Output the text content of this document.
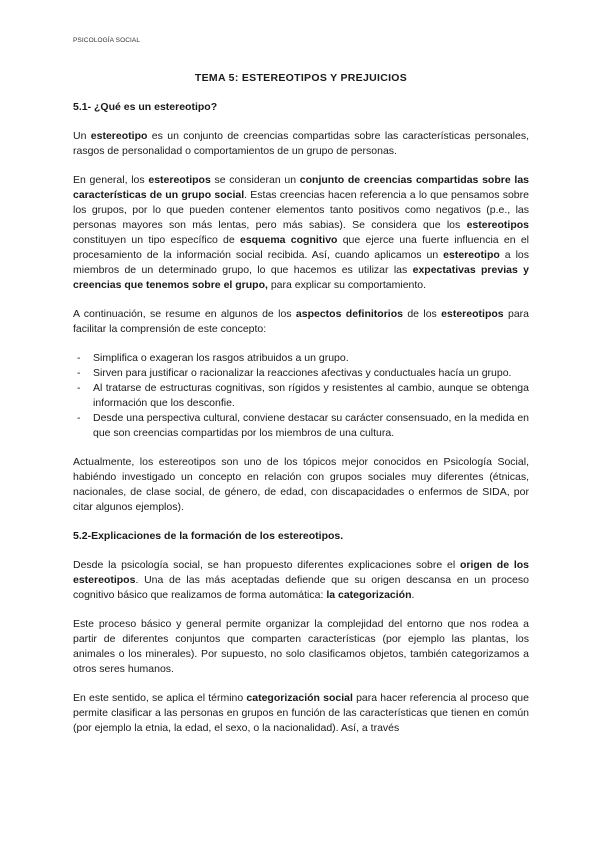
PSICOLOGÍA SOCIAL
TEMA 5: ESTEREOTIPOS Y PREJUICIOS
5.1- ¿Qué es un estereotipo?

Un estereotipo es un conjunto de creencias compartidas sobre las características personales, rasgos de personalidad o comportamientos de un grupo de personas.

En general, los estereotipos se consideran un conjunto de creencias compartidas sobre las características de un grupo social. Estas creencias hacen referencia a lo que pensamos sobre los grupos, por lo que pueden contener elementos tanto positivos como negativos (p.e., las personas mayores son más lentas, pero más sabias). Se considera que los estereotipos constituyen un tipo específico de esquema cognitivo que ejerce una fuerte influencia en el procesamiento de la información social recibida. Así, cuando aplicamos un estereotipo a los miembros de un determinado grupo, lo que hacemos es utilizar las expectativas previas y creencias que tenemos sobre el grupo, para explicar su comportamiento.

A continuación, se resume en algunos de los aspectos definitorios de los estereotipos para facilitar la comprensión de este concepto:

- Simplifica o exageran los rasgos atribuidos a un grupo.
- Sirven para justificar o racionalizar la reacciones afectivas y conductuales hacía un grupo.
- Al tratarse de estructuras cognitivas, son rígidos y resistentes al cambio, aunque se obtenga información que los desconfie.
- Desde una perspectiva cultural, conviene destacar su carácter consensuado, en la medida en que son creencias compartidas por los miembros de una cultura.

Actualmente, los estereotipos son uno de los tópicos mejor conocidos en Psicología Social, habiéndo investigado un concepto en relación con grupos sociales muy diferentes (étnicas, nacionales, de clase social, de género, de edad, con discapacidades o enfermos de SIDA, por citar algunos ejemplos).

5.2-Explicaciones de la formación de los estereotipos.

Desde la psicología social, se han propuesto diferentes explicaciones sobre el origen de los estereotipos. Una de las más aceptadas defiende que su origen descansa en un proceso cognitivo básico que realizamos de forma automática: la categorización.

Este proceso básico y general permite organizar la complejidad del entorno que nos rodea a partir de diferentes conjuntos que comparten características (por ejemplo las plantas, los animales o los minerales). Por supuesto, no solo clasificamos objetos, también categorizamos a otros seres humanos.

En este sentido, se aplica el término categorización social para hacer referencia al proceso que permite clasificar a las personas en grupos en función de las características que tienen en común (por ejemplo la etnia, la edad, el sexo, o la nacionalidad). Así, a través
